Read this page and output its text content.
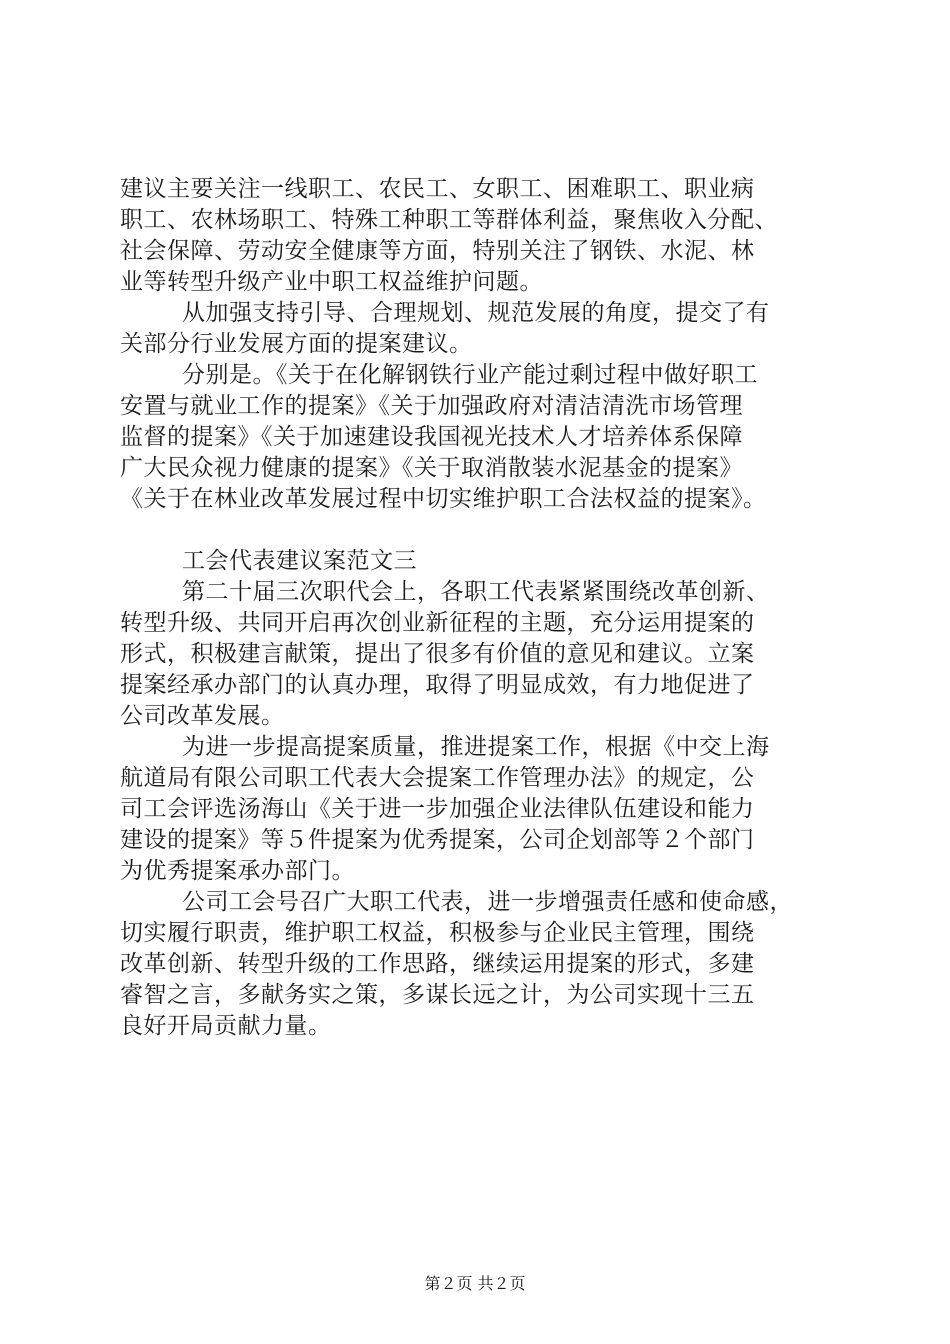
建议主要关注一线职工、农民工、女职工、困难职工、职业病
职工、农林场职工、特殊工种职工等群体利益，聚焦收入分配、
社会保障、劳动安全健康等方面，特别关注了钢铁、水泥、林
业等转型升级产业中职工权益维护问题。
从加强支持引导、合理规划、规范发展的角度，提交了有
关部分行业发展方面的提案建议。
分别是。《关于在化解钢铁行业产能过剩过程中做好职工
安置与就业工作的提案》《关于加强政府对清洁清洗市场管理
监督的提案》《关于加速建设我国视光技术人才培养体系保障
广大民众视力健康的提案》《关于取消散装水泥基金的提案》
《关于在林业改革发展过程中切实维护职工合法权益的提案》。
工会代表建议案范文三
第二十届三次职代会上，各职工代表紧紧围绕改革创新、
转型升级、共同开启再次创业新征程的主题，充分运用提案的
形式，积极建言献策，提出了很多有价值的意见和建议。立案
提案经承办部门的认真办理，取得了明显成效，有力地促进了
公司改革发展。
为进一步提高提案质量，推进提案工作，根据《中交上海
航道局有限公司职工代表大会提案工作管理办法》的规定，公
司工会评选汤海山《关于进一步加强企业法律队伍建设和能力
建设的提案》等５件提案为优秀提案，公司企划部等２个部门
为优秀提案承办部门。
公司工会号召广大职工代表，进一步增强责任感和使命感，
切实履行职责，维护职工权益，积极参与企业民主管理，围绕
改革创新、转型升级的工作思路，继续运用提案的形式，多建
睿智之言，多献务实之策，多谋长远之计，为公司实现十三五
良好开局贡献力量。
第２页 共２页
